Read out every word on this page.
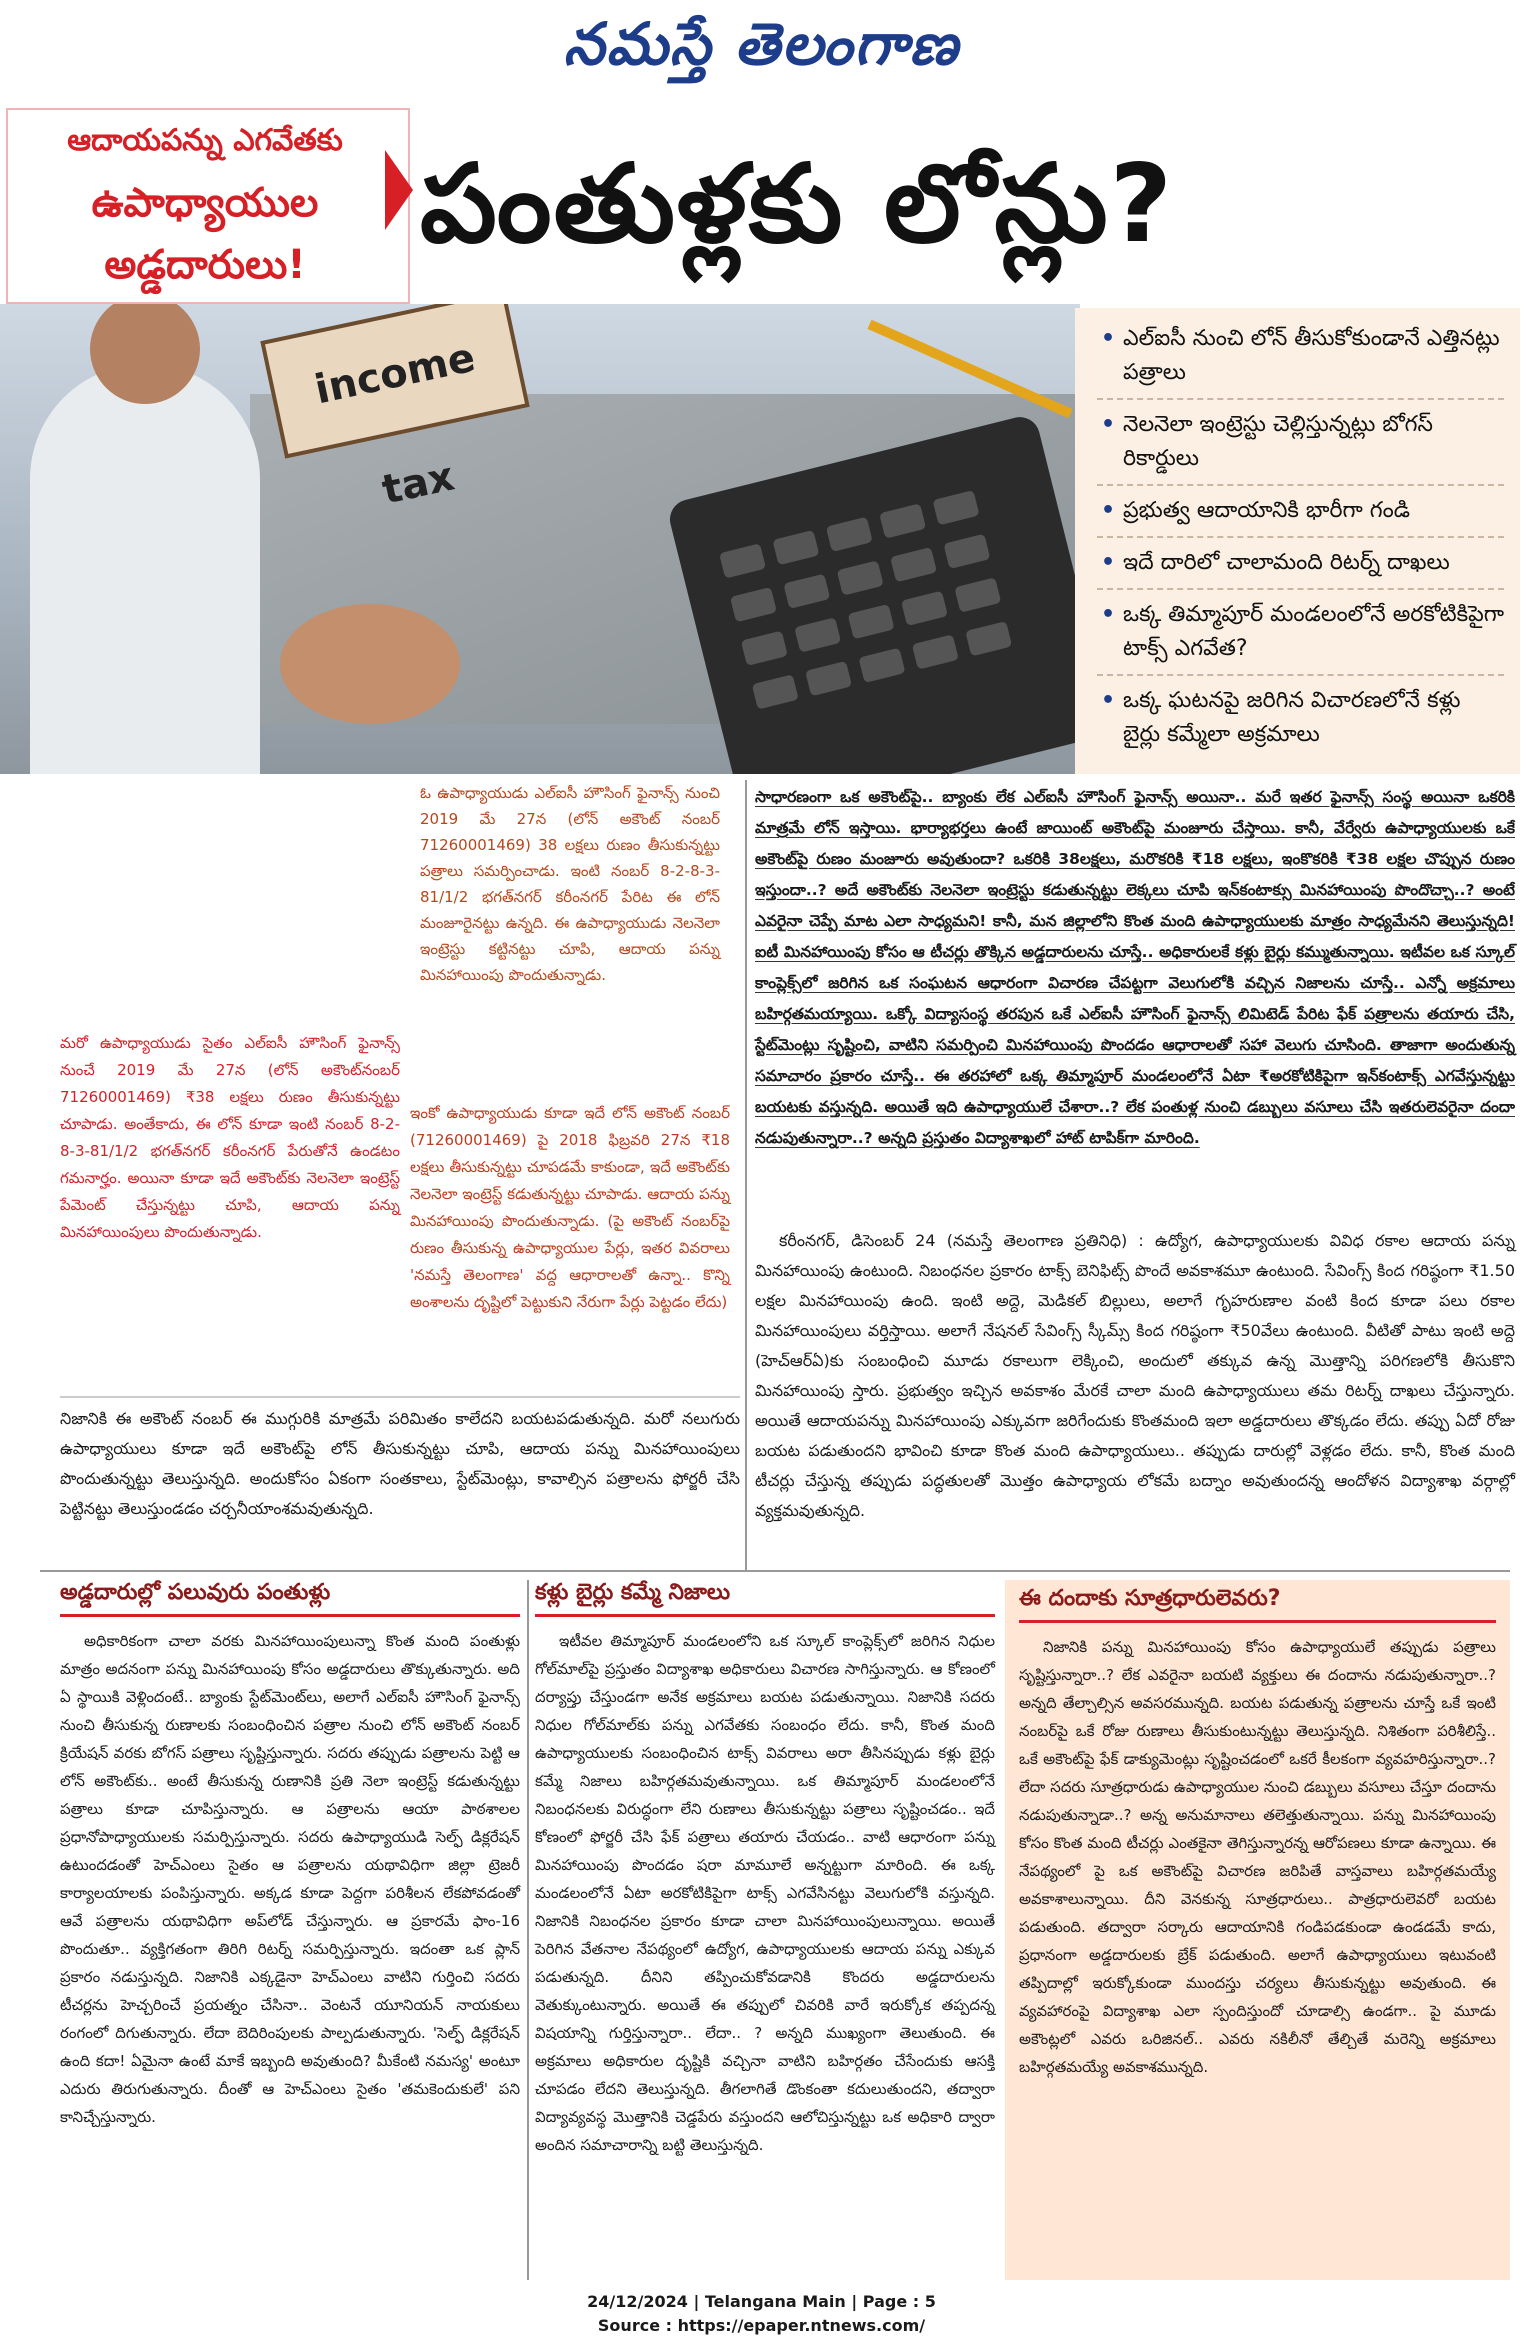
నమస్తే తెలంగాణ
ఆదాయపన్ను ఎగవేతకు
ఉపాధ్యాయుల
అడ్డదారులు!	పంతుళ్లకు లోన్లు?
income tax
• ఎల్ఐసీ నుంచి లోన్ తీసుకోకుండానే ఎత్తినట్లు పత్రాలు
• నెలనెలా ఇంట్రెస్టు చెల్లిస్తున్నట్లు బోగస్ రికార్డులు
• ప్రభుత్వ ఆదాయానికి భారీగా గండి
• ఇదే దారిలో చాలామంది రిటర్న్ దాఖలు
• ఒక్క తిమ్మాపూర్ మండలంలోనే అరకోటికిపైగా టాక్స్ ఎగవేత?
• ఒక్క ఘటనపై జరిగిన విచారణలోనే కళ్లు బైర్లు కమ్మేలా అక్రమాలు

ఓ ఉపాధ్యాయుడు ఎల్ఐసీ హౌసింగ్ ఫైనాన్స్ నుంచి 2019 మే 27న (లోన్ అకౌంట్ నంబర్ 71260001469) 38 లక్షలు రుణం తీసుకున్నట్టు పత్రాలు సమర్పించాడు. ఇంటి నంబర్ 8-2-8-3-81/1/2 భగత్‌నగర్ కరీంనగర్ పేరిట ఈ లోన్ మంజూరైనట్టు ఉన్నది. ఈ ఉపాధ్యాయుడు నెలనెలా ఇంట్రెస్టు కట్టినట్టు చూపి, ఆదాయ పన్ను మినహాయింపు పొందుతున్నాడు.

మరో ఉపాధ్యాయుడు సైతం ఎల్ఐసీ హౌసింగ్ ఫైనాన్స్ నుంచే 2019 మే 27న (లోన్ అకౌంట్‌నంబర్ 71260001469) ₹38 లక్షలు రుణం తీసుకున్నట్టు చూపాడు. అంతేకాదు, ఈ లోన్ కూడా ఇంటి నంబర్ 8-2-8-3-81/1/2 భగత్‌నగర్ కరీంనగర్ పేరుతోనే ఉండటం గమనార్హం. అయినా కూడా ఇదే అకౌంట్‌కు నెలనెలా ఇంట్రెస్ట్ పేమెంట్ చేస్తున్నట్టు చూపి, ఆదాయ పన్ను మినహాయింపులు పొందుతున్నాడు.

ఇంకో ఉపాధ్యాయుడు కూడా ఇదే లోన్ అకౌంట్ నంబర్ (71260001469) పై 2018 ఫిబ్రవరి 27న ₹18 లక్షలు తీసుకున్నట్టు చూపడమే కాకుండా, ఇదే అకౌంట్‌కు నెలనెలా ఇంట్రెస్ట్ కడుతున్నట్టు చూపాడు. ఆదాయ పన్ను మినహాయింపు పొందుతున్నాడు. (పై అకౌంట్ నంబర్‌పై రుణం తీసుకున్న ఉపాధ్యాయుల పేర్లు, ఇతర వివరాలు 'నమస్తే తెలంగాణ' వద్ద ఆధారాలతో ఉన్నా.. కొన్ని అంశాలను దృష్టిలో పెట్టుకుని నేరుగా పేర్లు పెట్టడం లేదు)

నిజానికి ఈ అకౌంట్ నంబర్ ఈ ముగ్గురికి మాత్రమే పరిమితం కాలేదని బయటపడుతున్నది. మరో నలుగురు ఉపాధ్యాయులు కూడా ఇదే అకౌంట్‌పై లోన్ తీసుకున్నట్టు చూపి, ఆదాయ పన్ను మినహాయింపులు పొందుతున్నట్టు తెలుస్తున్నది. అందుకోసం ఏకంగా సంతకాలు, స్టేట్‌మెంట్లు, కావాల్సిన పత్రాలను ఫోర్జరీ చేసి పెట్టినట్టు తెలుస్తుండడం చర్చనీయాంశమవుతున్నది.

సాధారణంగా ఒక అకౌంట్‌పై.. బ్యాంకు లేక ఎల్ఐసీ హౌసింగ్ ఫైనాన్స్ అయినా.. మరే ఇతర ఫైనాన్స్ సంస్థ అయినా ఒకరికి మాత్రమే లోన్ ఇస్తాయి. భార్యాభర్తలు ఉంటే జాయింట్ అకౌంట్‌పై మంజూరు చేస్తాయి. కానీ, వేర్వేరు ఉపాధ్యాయులకు ఒకే అకౌంట్‌పై రుణం మంజూరు అవుతుందా? ఒకరికి 38లక్షలు, మరొకరికి ₹18 లక్షలు, ఇంకొకరికి ₹38 లక్షల చొప్పున రుణం ఇస్తుందా..? అదే అకౌంట్‌కు నెలనెలా ఇంట్రెస్టు కడుతున్నట్టు లెక్కలు చూపి ఇన్‌కంటాక్సు మినహాయింపు పొందొచ్చా..? అంటే ఎవరైనా చెప్పే మాట ఎలా సాధ్యమని! కానీ, మన జిల్లాలోని కొంత మంది ఉపాధ్యాయులకు మాత్రం సాధ్యమేనని తెలుస్తున్నది! ఐటీ మినహాయింపు కోసం ఆ టీచర్లు తొక్కిన అడ్డదారులను చూస్తే.. అధికారులకే కళ్లు బైర్లు కమ్ముతున్నాయి. ఇటీవల ఒక స్కూల్ కాంప్లెక్స్‌లో జరిగిన ఒక సంఘటన ఆధారంగా విచారణ చేపట్టగా వెలుగులోకి వచ్చిన నిజాలను చూస్తే.. ఎన్నో అక్రమాలు బహిర్గతమయ్యాయి. ఒక్కో విద్యాసంస్థ తరపున ఒకే ఎల్ఐసీ హౌసింగ్ ఫైనాన్స్ లిమిటెడ్ పేరిట ఫేక్ పత్రాలను తయారు చేసి, స్టేట్‌మెంట్లు సృష్టించి, వాటిని సమర్పించి మినహాయింపు పొందడం ఆధారాలతో సహా వెలుగు చూసింది. తాజాగా అందుతున్న సమాచారం ప్రకారం చూస్తే.. ఈ తరహాలో ఒక్క తిమ్మాపూర్ మండలంలోనే ఏటా ₹అరకోటికిపైగా ఇన్‌కంటాక్స్ ఎగవేస్తున్నట్టు బయటకు వస్తున్నది. అయితే ఇది ఉపాధ్యాయులే చేశారా..? లేక పంతుళ్ల నుంచి డబ్బులు వసూలు చేసి ఇతరులెవరైనా దందా నడుపుతున్నారా..? అన్నది ప్రస్తుతం విద్యాశాఖలో హాట్ టాపిక్‌గా మారింది.

కరీంనగర్, డిసెంబర్ 24 (నమస్తే తెలంగాణ ప్రతినిధి) : ఉద్యోగ, ఉపాధ్యాయులకు వివిధ రకాల ఆదాయ పన్ను మినహాయింపు ఉంటుంది. నిబంధనల ప్రకారం టాక్స్ బెనిఫిట్స్ పొందే అవకాశమూ ఉంటుంది. సేవింగ్స్ కింద గరిష్ఠంగా ₹1.50 లక్షల మినహాయింపు ఉంది. ఇంటి అద్దె, మెడికల్ బిల్లులు, అలాగే గృహరుణాల వంటి కింద కూడా పలు రకాల మినహాయింపులు వర్తిస్తాయి. అలాగే నేషనల్ సేవింగ్స్ స్కీమ్స్ కింద గరిష్ఠంగా ₹50వేలు ఉంటుంది. వీటితో పాటు ఇంటి అద్దె (హెచ్ఆర్ఏ)కు సంబంధించి మూడు రకాలుగా లెక్కించి, అందులో తక్కువ ఉన్న మొత్తాన్ని పరిగణలోకి తీసుకొని మినహాయింపు స్తారు. ప్రభుత్వం ఇచ్చిన అవకాశం మేరకే చాలా మంది ఉపాధ్యాయులు తమ రిటర్న్ దాఖలు చేస్తున్నారు. అయితే ఆదాయపన్ను మినహాయింపు ఎక్కువగా జరిగేందుకు కొంతమంది ఇలా అడ్డదారులు తొక్కడం లేదు. తప్పు ఏదో రోజు బయట పడుతుందని భావించి కూడా కొంత మంది ఉపాధ్యాయులు.. తప్పుడు దారుల్లో వెళ్లడం లేదు. కానీ, కొంత మంది టీచర్లు చేస్తున్న తప్పుడు పద్ధతులతో మొత్తం ఉపాధ్యాయ లోకమే బద్నాం అవుతుందన్న ఆందోళన విద్యాశాఖ వర్గాల్లో వ్యక్తమవుతున్నది.
అడ్డదారుల్లో పలువురు పంతుళ్లు
అధికారికంగా చాలా వరకు మినహాయింపులున్నా కొంత మంది పంతుళ్లు మాత్రం అదనంగా పన్ను మినహాయింపు కోసం అడ్డదారులు తొక్కుతున్నారు. అది ఏ స్థాయికి వెళ్లిందంటే.. బ్యాంకు స్టేట్‌మెంట్‌లు, అలాగే ఎల్ఐసీ హౌసింగ్ ఫైనాన్స్ నుంచి తీసుకున్న రుణాలకు సంబంధించిన పత్రాల నుంచి లోన్ అకౌంట్ నంబర్ క్రియేషన్ వరకు బోగస్ పత్రాలు సృష్టిస్తున్నారు. సదరు తప్పుడు పత్రాలను పెట్టి ఆ లోన్ అకౌంట్‌కు.. అంటే తీసుకున్న రుణానికి ప్రతి నెలా ఇంట్రెస్ట్ కడుతున్నట్టు పత్రాలు కూడా చూపిస్తున్నారు. ఆ పత్రాలను ఆయా పాఠశాలల ప్రధానోపాధ్యాయులకు సమర్పిస్తున్నారు. సదరు ఉపాధ్యాయుడి సెల్ఫ్ డిక్లరేషన్ ఉటుందడంతో హెచ్ఎంలు సైతం ఆ పత్రాలను యథావిధిగా జిల్లా ట్రెజరీ కార్యాలయాలకు పంపిస్తున్నారు. అక్కడ కూడా పెద్దగా పరిశీలన లేకపోవడంతో ఆవే పత్రాలను యథావిధిగా అప్‌లోడ్ చేస్తున్నారు. ఆ ప్రకారమే ఫాం-16 పొందుతూ.. వ్యక్తిగతంగా తిరిగి రిటర్న్ సమర్పిస్తున్నారు. ఇదంతా ఒక ప్లాన్ ప్రకారం నడుస్తున్నది. నిజానికి ఎక్కడైనా హెచ్ఎంలు వాటిని గుర్తించి సదరు టీచర్లను హెచ్చరించే ప్రయత్నం చేసినా.. వెంటనే యూనియన్ నాయకులు రంగంలో దిగుతున్నారు. లేదా బెదిరింపులకు పాల్పడుతున్నారు. 'సెల్ఫ్ డిక్లరేషన్ ఉంది కదా! ఏమైనా ఉంటే మాకే ఇబ్బంది అవుతుంది? మీకేంటి నమస్య' అంటూ ఎదురు తిరుగుతున్నారు. దీంతో ఆ హెచ్ఎంలు సైతం 'తమకెందుకులే' పని కానిచ్చేస్తున్నారు.
కళ్లు బైర్లు కమ్మే నిజాలు
ఇటీవల తిమ్మాపూర్ మండలంలోని ఒక స్కూల్ కాంప్లెక్స్‌లో జరిగిన నిధుల గోల్‌మాల్‌పై ప్రస్తుతం విద్యాశాఖ అధికారులు విచారణ సాగిస్తున్నారు. ఆ కోణంలో దర్యాప్తు చేస్తుండగా అనేక అక్రమాలు బయట పడుతున్నాయి. నిజానికి సదరు నిధుల గోల్‌మాల్‌కు పన్ను ఎగవేతకు సంబంధం లేదు. కానీ, కొంత మంది ఉపాధ్యాయులకు సంబంధించిన టాక్స్ వివరాలు అరా తీసినప్పుడు కళ్లు బైర్లు కమ్మే నిజాలు బహిర్గతమవుతున్నాయి. ఒక తిమ్మాపూర్ మండలంలోనే నిబంధనలకు విరుద్ధంగా లేని రుణాలు తీసుకున్నట్టు పత్రాలు సృష్టించడం.. ఇదే కోణంలో ఫోర్జరీ చేసి ఫేక్ పత్రాలు తయారు చేయడం.. వాటి ఆధారంగా పన్ను మినహాయింపు పొందడం షరా మామూలే అన్నట్టుగా మారింది. ఈ ఒక్క మండలంలోనే ఏటా అరకోటికిపైగా టాక్స్ ఎగవేసినట్టు వెలుగులోకి వస్తున్నది. నిజానికి నిబంధనల ప్రకారం కూడా చాలా మినహాయింపులున్నాయి. అయితే పెరిగిన వేతనాల నేపథ్యంలో ఉద్యోగ, ఉపాధ్యాయులకు ఆదాయ పన్ను ఎక్కువ పడుతున్నది. దీనిని తప్పించుకోవడానికి కొందరు అడ్డదారులను వెతుక్కుంటున్నారు. అయితే ఈ తప్పులో చివరికి వారే ఇరుక్కోక తప్పదన్న విషయాన్ని గుర్తిస్తున్నారా.. లేదా.. ? అన్నది ముఖ్యంగా తెలుతుంది. ఈ అక్రమాలు అధికారుల దృష్టికి వచ్చినా వాటిని బహిర్గతం చేసేందుకు ఆసక్తి చూపడం లేదని తెలుస్తున్నది. తీగలాగితే డొంకంతా కదులుతుందని, తద్వారా విద్యావ్యవస్థ మొత్తానికి చెడ్డపేరు వస్తుందని ఆలోచిస్తున్నట్టు ఒక అధికారి ద్వారా అందిన సమాచారాన్ని బట్టి తెలుస్తున్నది.
ఈ దందాకు సూత్రధారులెవరు?
నిజానికి పన్ను మినహాయింపు కోసం ఉపాధ్యాయులే తప్పుడు పత్రాలు సృష్టిస్తున్నారా..? లేక ఎవరైనా బయటి వ్యక్తులు ఈ దందాను నడుపుతున్నారా..? అన్నది తేల్చాల్సిన అవసరమున్నది. బయట పడుతున్న పత్రాలను చూస్తే ఒకే ఇంటి నంబర్‌పై ఒకే రోజు రుణాలు తీసుకుంటున్నట్టు తెలుస్తున్నది. నిశితంగా పరిశీలిస్తే.. ఒకే అకౌంట్‌పై ఫేక్ డాక్యుమెంట్లు సృష్టించడంలో ఒకరే కీలకంగా వ్యవహరిస్తున్నారా..? లేదా సదరు సూత్రధారుడు ఉపాధ్యాయుల నుంచి డబ్బులు వసూలు చేస్తూ దందాను నడుపుతున్నాడా..? అన్న అనుమానాలు తలెత్తుతున్నాయి. పన్ను మినహాయింపు కోసం కొంత మంది టీచర్లు ఎంతకైనా తెగిస్తున్నారన్న ఆరోపణలు కూడా ఉన్నాయి. ఈ నేపథ్యంలో పై ఒక అకౌంట్‌పై విచారణ జరిపితే వాస్తవాలు బహిర్గతమయ్యే అవకాశాలున్నాయి. దీని వెనకున్న సూత్రధారులు.. పాత్రధారులెవరో బయట పడుతుంది. తద్వారా సర్కారు ఆదాయానికి గండిపడకుండా ఉండడమే కాదు, ప్రధానంగా అడ్డదారులకు బ్రేక్ పడుతుంది. అలాగే ఉపాధ్యాయులు ఇటువంటి తప్పిదాల్లో ఇరుక్కోకుండా ముందస్తు చర్యలు తీసుకున్నట్టు అవుతుంది. ఈ వ్యవహారంపై విద్యాశాఖ ఎలా స్పందిస్తుందో చూడాల్సి ఉండగా.. పై మూడు అకౌంట్లలో ఎవరు ఒరిజినల్.. ఎవరు నకిలీనో తేల్చితే మరెన్ని అక్రమాలు బహిర్గతమయ్యే అవకాశమున్నది.
24/12/2024 | Telangana Main | Page : 5
Source : https://epaper.ntnews.com/
